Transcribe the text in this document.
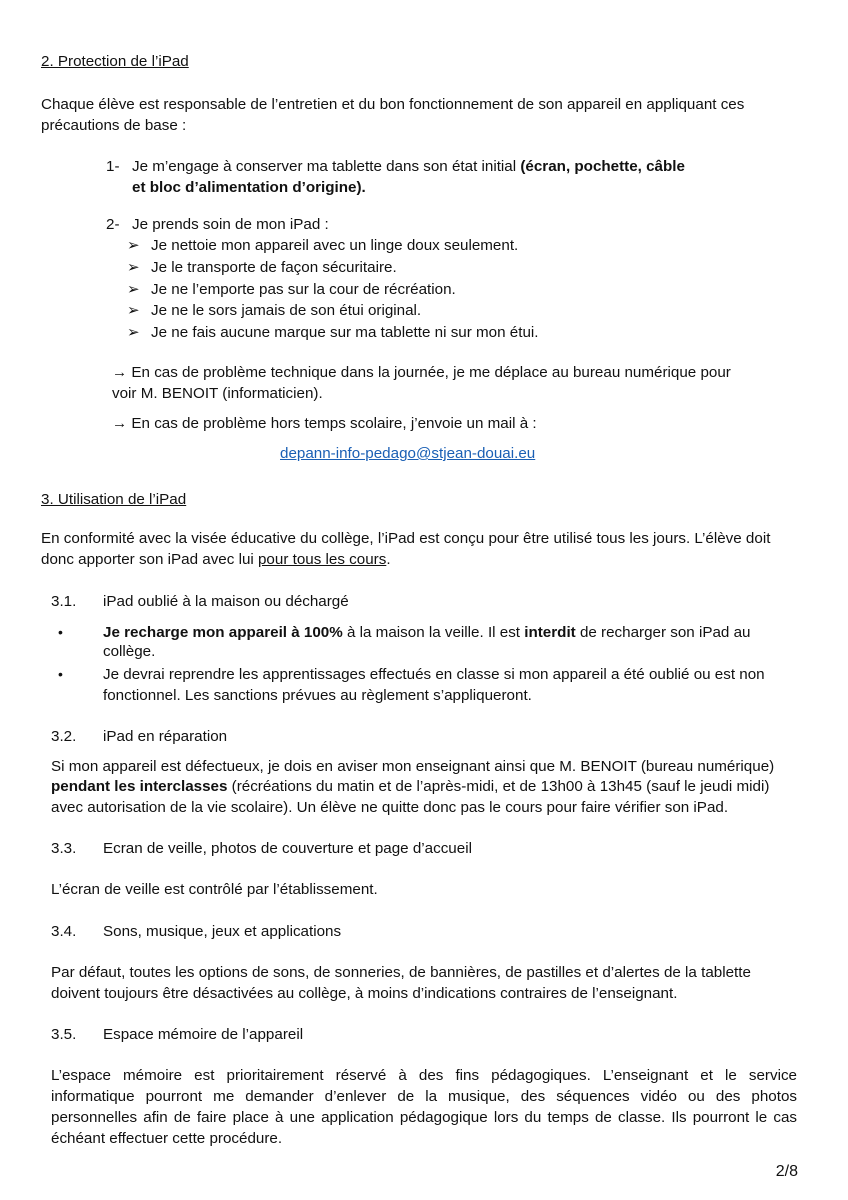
2. Protection de l’iPad
Chaque élève est responsable de l’entretien et du bon fonctionnement de son appareil en appliquant ces
précautions de base :
1- Je m’engage à conserver ma tablette dans son état initial (écran, pochette, câble
et bloc d’alimentation d’origine).
2- Je prends soin de mon iPad :
➢ Je nettoie mon appareil avec un linge doux seulement.
➢ Je le transporte de façon sécuritaire.
➢ Je ne l’emporte pas sur la cour de récréation.
➢ Je ne le sors jamais de son étui original.
➢ Je ne fais aucune marque sur ma tablette ni sur mon étui.
→ En cas de problème technique dans la journée, je me déplace au bureau numérique pour
voir M. BENOIT (informaticien).
→ En cas de problème hors temps scolaire, j’envoie un mail à :
depann-info-pedago@stjean-douai.eu
3. Utilisation de l’iPad
En conformité avec la visée éducative du collège, l’iPad est conçu pour être utilisé tous les jours. L’élève doit
donc apporter son iPad avec lui pour tous les cours.
3.1. iPad oublié à la maison ou déchargé
•	Je recharge mon appareil à 100% à la maison la veille. Il est interdit de recharger son iPad au
collège.
•	Je devrai reprendre les apprentissages effectués en classe si mon appareil a été oublié ou est non
fonctionnel. Les sanctions prévues au règlement s’appliqueront.
3.2. iPad en réparation
Si mon appareil est défectueux, je dois en aviser mon enseignant ainsi que M. BENOIT (bureau numérique)
pendant les interclasses (récréations du matin et de l’après-midi, et de 13h00 à 13h45 (sauf le jeudi midi)
avec autorisation de la vie scolaire). Un élève ne quitte donc pas le cours pour faire vérifier son iPad.
3.3. Ecran de veille, photos de couverture et page d’accueil
L’écran de veille est contrôlé par l’établissement.
3.4. Sons, musique, jeux et applications
Par défaut, toutes les options de sons, de sonneries, de bannières, de pastilles et d’alertes de la tablette
doivent toujours être désactivées au collège, à moins d’indications contraires de l’enseignant.
3.5. Espace mémoire de l’appareil
L’espace mémoire est prioritairement réservé à des fins pédagogiques. L’enseignant et le service
informatique pourront me demander d’enlever de la musique, des séquences vidéo ou des photos
personnelles afin de faire place à une application pédagogique lors du temps de classe. Ils pourront le cas
échéant effectuer cette procédure.
2/8
